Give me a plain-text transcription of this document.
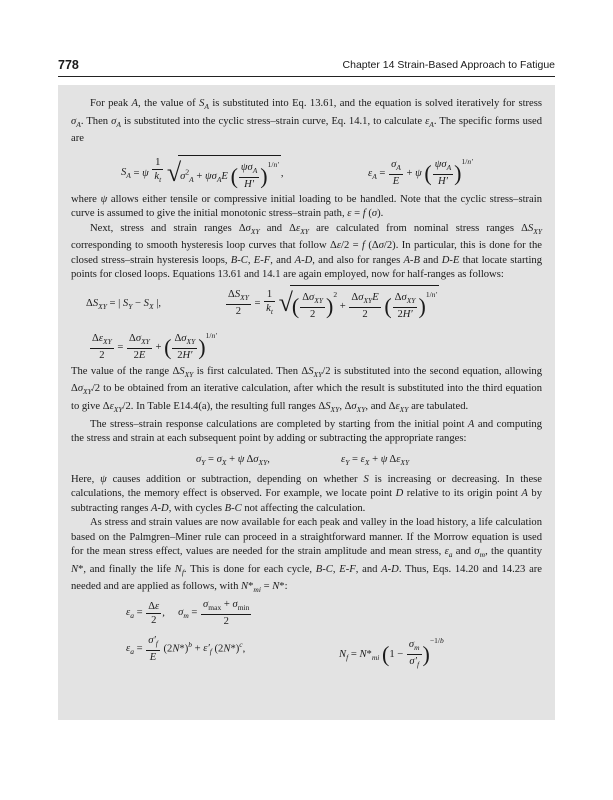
778	Chapter 14 Strain-Based Approach to Fatigue

For peak A, the value of $S_A$ is substituted into Eq. 13.61, and the equation is solved iteratively for stress $\sigma_A$. Then $\sigma_A$ is substituted into the cyclic stress–strain curve, Eq. 14.1, to calculate $\varepsilon_A$. The specific forms used are

$S_A = \psi \frac{1}{k_t} √\sigma^2_A + \psi\sigma_AE$ ( $\psi\sigma_A$
H′ )$^{1/n'}$,	$\varepsilon_A = \frac{\sigma_A}{E} + \psi$ ( $\psi\sigma_A$
H′ )$^{1/n'}$

where ψ allows either tensile or compressive initial loading to be handled. Note that the cyclic stress–strain curve is assumed to give the initial monotonic stress–strain path, ε = f (σ).

Next, stress and strain ranges $\Delta\sigma_{XY}$ and $\Delta\varepsilon_{XY}$ are calculated from nominal stress ranges $\Delta S_{XY}$ corresponding to smooth hysteresis loop curves that follow Δε/2 = f (Δσ/2). In particular, this is done for the closed stress–strain hysteresis loops, B-C, E-F, and A-D, and also for ranges A-B and D-E that locate starting points for closed loops. Equations 13.61 and 14.1 are again employed, now for half-ranges as follows:

$\Delta S_{XY}$ = | $S_Y - S_X$ |,
$\Delta S_{XY}$
2
= $\frac{1}{k_t}$ √( $\Delta\sigma_{XY}$
2 )$^2$ +
$\Delta\sigma_{XY}E$
2 ( $\Delta\sigma_{XY}$
2H′ )$^{1/n'}$
$\Delta\varepsilon_{XY}$
2
=
$\Delta\sigma_{XY}$
2E
+ ( $\Delta\sigma_{XY}$
2H′ )$^{1/n'}$

The value of the range $\Delta S_{XY}$ is first calculated. Then $\Delta S_{XY}/2$ is substituted into the second equation, allowing $\Delta\sigma_{XY}/2$ to be obtained from an iterative calculation, after which the result is substituted into the third equation to give $\Delta\varepsilon_{XY}/2$. In Table E14.4(a), the resulting full ranges $\Delta S_{XY}$, $\Delta\sigma_{XY}$, and $\Delta\varepsilon_{XY}$ are tabulated.

The stress–strain response calculations are completed by starting from the initial point A and computing the stress and strain at each subsequent point by adding or subtracting the appropriate ranges:

$\sigma_Y = \sigma_X + \psi$ $\Delta\sigma_{XY}$,	$\varepsilon_Y = \varepsilon_X + \psi$ $\Delta\varepsilon_{XY}$

Here, ψ causes addition or subtraction, depending on whether S is increasing or decreasing. In these calculations, the memory effect is observed. For example, we locate point D relative to its origin point A by subtracting ranges A-D, with cycles B-C not affecting the calculation.

As stress and strain values are now available for each peak and valley in the load history, a life calculation based on the Palmgren–Miner rule can proceed in a straightforward manner. If the Morrow equation is used for the mean stress effect, values are needed for the strain amplitude and mean stress, $\varepsilon_a$ and $\sigma_m$, the quantity N*, and finally the life $N_f$. This is done for each cycle, B-C, E-F, and A-D. Thus, Eqs. 14.20 and 14.23 are needed and are applied as follows, with $N*_{mi} = N*$:

$\varepsilon_a = \frac{\Delta\varepsilon}{2}$ ,     $\sigma_m$ =
$\sigma_{max} + \sigma_{min}$
2
$\varepsilon_a = \frac{\sigma'_f}{E} (2N*)^b + \varepsilon'_f$ $(2N*)^c$,	$N_f = N*_{mi}$ $(1 - \frac{\sigma_m}{\sigma'_f} )^{-1/b}$
